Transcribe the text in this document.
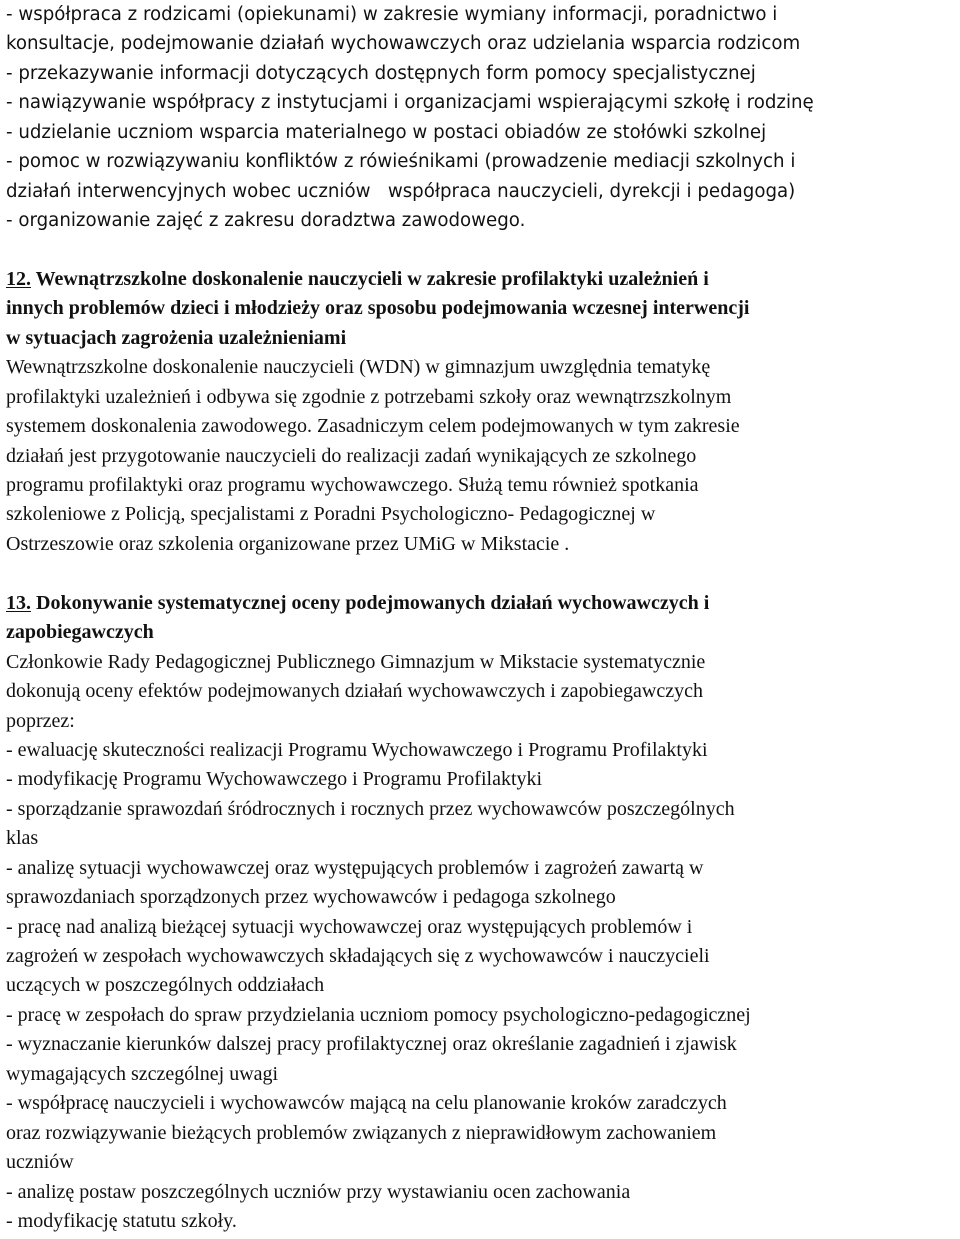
- współpraca z rodzicami (opiekunami) w zakresie wymiany informacji, poradnictwo i
konsultacje, podejmowanie działań wychowawczych oraz udzielania wsparcia rodzicom
- przekazywanie informacji dotyczących dostępnych form pomocy specjalistycznej
- nawiązywanie współpracy z instytucjami i organizacjami wspierającymi szkołę i rodzinę
- udzielanie uczniom wsparcia materialnego w postaci obiadów ze stołówki szkolnej
- pomoc w rozwiązywaniu konfliktów z rówieśnikami (prowadzenie mediacji szkolnych i
działań interwencyjnych wobec uczniów   współpraca nauczycieli, dyrekcji i pedagoga)
- organizowanie zajęć z zakresu doradztwa zawodowego.
12. Wewnątrzszkolne doskonalenie nauczycieli w zakresie profilaktyki uzależnień i
innych problemów dzieci i młodzieży oraz sposobu podejmowania wczesnej interwencji
w sytuacjach zagrożenia uzależnieniami
Wewnątrzszkolne doskonalenie nauczycieli (WDN) w gimnazjum uwzględnia tematykę
profilaktyki uzależnień i odbywa się zgodnie z potrzebami szkoły oraz wewnątrzszkolnym
systemem doskonalenia zawodowego. Zasadniczym celem podejmowanych w tym zakresie
działań jest przygotowanie nauczycieli do realizacji zadań wynikających ze szkolnego
programu profilaktyki oraz programu wychowawczego. Służą temu również spotkania
szkoleniowe z Policją, specjalistami z Poradni Psychologiczno- Pedagogicznej w
Ostrzeszowie oraz szkolenia organizowane przez UMiG w Mikstacie .
13. Dokonywanie systematycznej oceny podejmowanych działań wychowawczych i
zapobiegawczych
Członkowie Rady Pedagogicznej Publicznego Gimnazjum w Mikstacie systematycznie
dokonują oceny efektów podejmowanych działań wychowawczych i zapobiegawczych
poprzez:
- ewaluację skuteczności realizacji Programu Wychowawczego i Programu Profilaktyki
- modyfikację Programu Wychowawczego i Programu Profilaktyki
- sporządzanie sprawozdań śródrocznych i rocznych przez wychowawców poszczególnych
klas
- analizę sytuacji wychowawczej oraz występujących problemów i zagrożeń zawartą w
sprawozdaniach sporządzonych przez wychowawców i pedagoga szkolnego
- pracę nad analizą bieżącej sytuacji wychowawczej oraz występujących problemów i
zagrożeń w zespołach wychowawczych składających się z wychowawców i nauczycieli
uczących w poszczególnych oddziałach
- pracę w zespołach do spraw przydzielania uczniom pomocy psychologiczno-pedagogicznej
- wyznaczanie kierunków dalszej pracy profilaktycznej oraz określanie zagadnień i zjawisk
wymagających szczególnej uwagi
- współpracę nauczycieli i wychowawców mającą na celu planowanie kroków zaradczych
oraz rozwiązywanie bieżących problemów związanych z nieprawidłowym zachowaniem
uczniów
- analizę postaw poszczególnych uczniów przy wystawianiu ocen zachowania
- modyfikację statutu szkoły.
